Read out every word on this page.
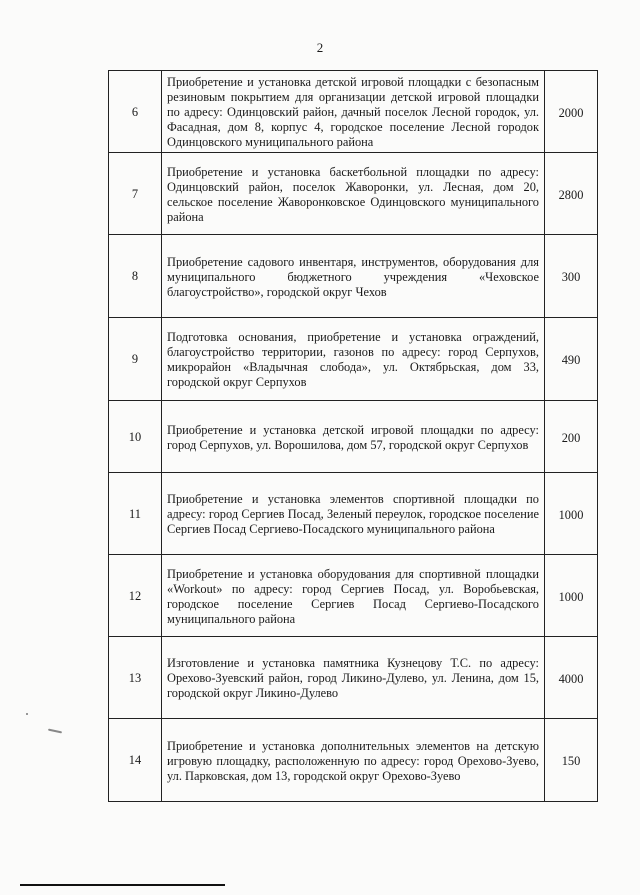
2
6	Приобретение и установка детской игровой площадки с безопасным резиновым покрытием для организации детской игровой площадки по адресу: Одинцовский район, дачный поселок Лесной городок, ул. Фасадная, дом 8, корпус 4, городское поселение Лесной городок Одинцовского муниципального района	2000
7	Приобретение и установка баскетбольной площадки по адресу: Одинцовский район, поселок Жаворонки, ул. Лесная, дом 20, сельское поселение Жаворонковское Одинцовского муниципального района	2800
8	Приобретение садового инвентаря, инструментов, оборудования для муниципального бюджетного учреждения «Чеховское благоустройство», городской округ Чехов	300
9	Подготовка основания, приобретение и установка ограждений, благоустройство территории, газонов по адресу: город Серпухов, микрорайон «Владычная слобода», ул. Октябрьская, дом 33, городской округ Серпухов	490
10	Приобретение и установка детской игровой площадки по адресу: город Серпухов, ул. Ворошилова, дом 57, городской округ Серпухов	200
11	Приобретение и установка элементов спортивной площадки по адресу: город Сергиев Посад, Зеленый переулок, городское поселение Сергиев Посад Сергиево-Посадского муниципального района	1000
12	Приобретение и установка оборудования для спортивной площадки «Workout» по адресу: город Сергиев Посад, ул. Воробьевская, городское поселение Сергиев Посад Сергиево-Посадского муниципального района	1000
13	Изготовление и установка памятника Кузнецову Т.С. по адресу: Орехово-Зуевский район, город Ликино-Дулево, ул. Ленина, дом 15, городской округ Ликино-Дулево	4000
14	Приобретение и установка дополнительных элементов на детскую игровую площадку, расположенную по адресу: город Орехово-Зуево, ул. Парковская, дом 13, городской округ Орехово-Зуево	150
